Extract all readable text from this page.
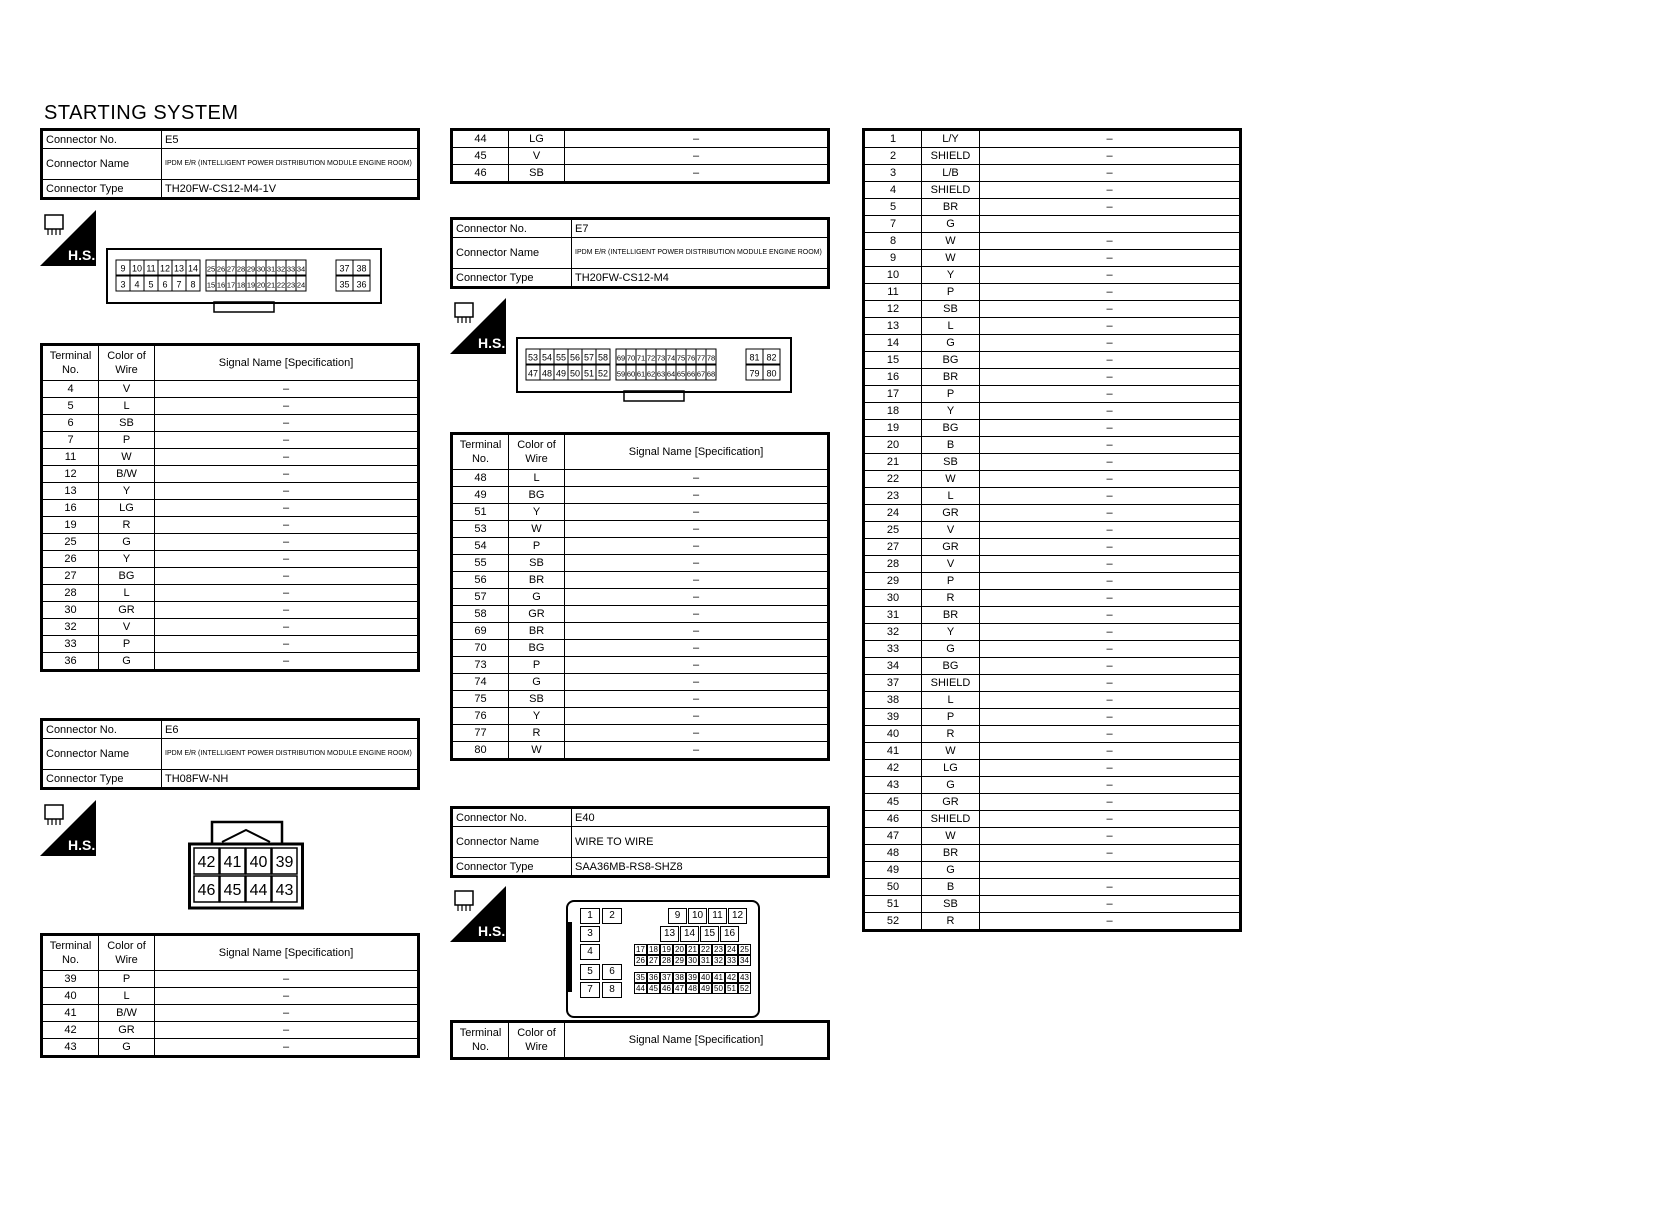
STARTING SYSTEM
Connector No.	E5
Connector Name	IPDM E/R (INTELLIGENT POWER DISTRIBUTION MODULE ENGINE ROOM)
Connector Type	TH20FW-CS12-M4-1V
H.S.
9 10 11 12 13 14 25 26 27 28 29 30 31 32 33 34	37 38
3 4 5 6 7 8 15 16 17 18 19 20 21 22 23 24	35 36
Terminal No.	Color of Wire	Signal Name [Specification]
4	V	–
5	L	–
6	SB	–
7	P	–
11	W	–
12	B/W	–
13	Y	–
16	LG	–
19	R	–
25	G	–
26	Y	–
27	BG	–
28	L	–
30	GR	–
32	V	–
33	P	–
36	G	–
Connector No.	E6
Connector Name	IPDM E/R (INTELLIGENT POWER DISTRIBUTION MODULE ENGINE ROOM)
Connector Type	TH08FW-NH
H.S.
42 41 40 39
46 45 44 43
Terminal No.	Color of Wire	Signal Name [Specification]
39	P	–
40	L	–
41	B/W	–
42	GR	–
43	G	–
44	LG	–
45	V	–
46	SB	–
Connector No.	E7
Connector Name	IPDM E/R (INTELLIGENT POWER DISTRIBUTION MODULE ENGINE ROOM)
Connector Type	TH20FW-CS12-M4
H.S.
53 54 55 56 57 58 69 70 71 72 73 74 75 76 77 78	81 82
47 48 49 50 51 52 59 60 61 62 63 64 65 66 67 68	79 80
Terminal No.	Color of Wire	Signal Name [Specification]
48	L	–
49	BG	–
51	Y	–
53	W	–
54	P	–
55	SB	–
56	BR	–
57	G	–
58	GR	–
69	BR	–
70	BG	–
73	P	–
74	G	–
75	SB	–
76	Y	–
77	R	–
80	W	–
Connector No.	E40
Connector Name	WIRE TO WIRE
Connector Type	SAA36MB-RS8-SHZ8
H.S.
1	2
3
4
5	6
7	8
9	10 11 12
13 14 15 16
17 18 19 20 21 22 23 24 25
26 27 28 29 30 31 32 33 34
35 36 37 38 39 40 41 42 43
44 45 46 47 48 49 50 51 52
Terminal No.	Color of Wire	Signal Name [Specification]
1	L/Y	–
2	SHIELD	–
3	L/B	–
4	SHIELD	–
5	BR	–
7	G	
8	W	–
9	W	–
10	Y	–
11	P	–
12	SB	–
13	L	–
14	G	–
15	BG	–
16	BR	–
17	P	–
18	Y	–
19	BG	–
20	B	–
21	SB	–
22	W	–
23	L	–
24	GR	–
25	V	–
27	GR	–
28	V	–
29	P	–
30	R	–
31	BR	–
32	Y	–
33	G	–
34	BG	–
37	SHIELD	–
38	L	–
39	P	–
40	R	–
41	W	–
42	LG	–
43	G	–
45	GR	–
46	SHIELD	–
47	W	–
48	BR	–
49	G	
50	B	–
51	SB	–
52	R	–
